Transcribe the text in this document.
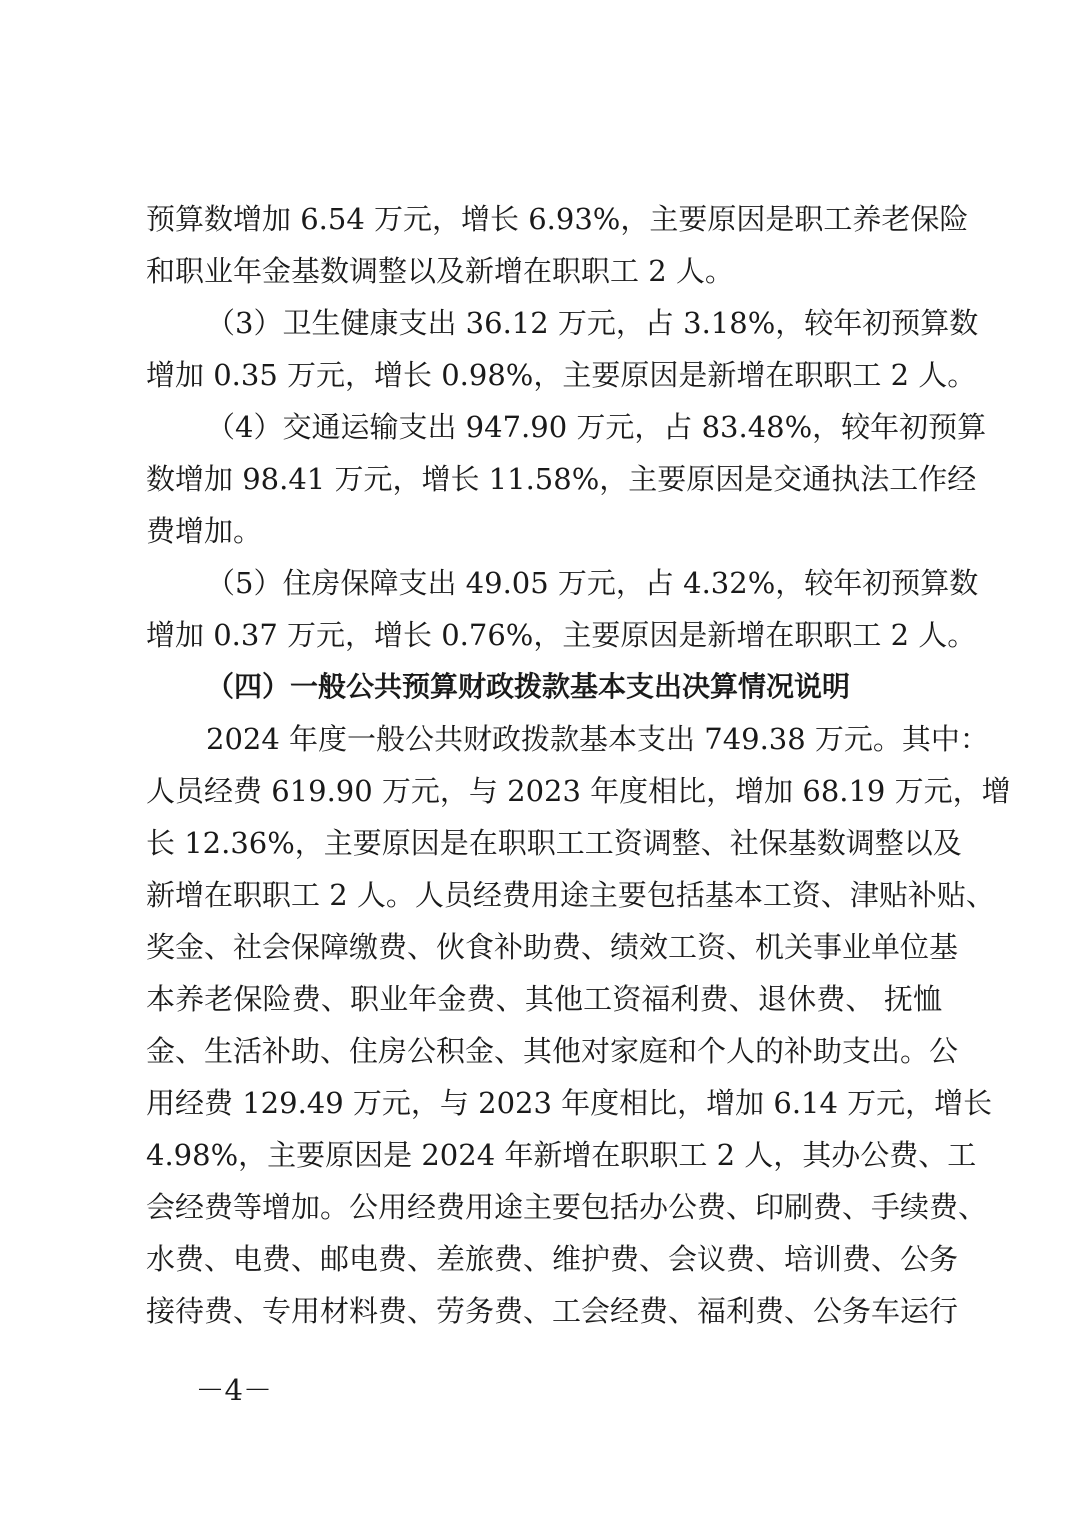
预算数增加 6.54 万元，增长 6.93%，主要原因是职工养老保险
和职业年金基数调整以及新增在职职工 2 人。
（3）卫生健康支出 36.12 万元，占 3.18%，较年初预算数
增加 0.35 万元，增长 0.98%，主要原因是新增在职职工 2 人。
（4）交通运输支出 947.90 万元，占 83.48%，较年初预算
数增加 98.41 万元，增长 11.58%，主要原因是交通执法工作经
费增加。
（5）住房保障支出 49.05 万元，占 4.32%，较年初预算数
增加 0.37 万元，增长 0.76%，主要原因是新增在职职工 2 人。
（四）一般公共预算财政拨款基本支出决算情况说明
2024 年度一般公共财政拨款基本支出 749.38 万元。其中：
人员经费 619.90 万元，与 2023 年度相比，增加 68.19 万元，增
长 12.36%，主要原因是在职职工工资调整、社保基数调整以及
新增在职职工 2 人。人员经费用途主要包括基本工资、津贴补贴、
奖金、社会保障缴费、伙食补助费、绩效工资、机关事业单位基
本养老保险费、职业年金费、其他工资福利费、退休费、 抚恤
金、生活补助、住房公积金、其他对家庭和个人的补助支出。公
用经费 129.49 万元，与 2023 年度相比，增加 6.14 万元，增长
4.98%，主要原因是 2024 年新增在职职工 2 人，其办公费、工
会经费等增加。公用经费用途主要包括办公费、印刷费、手续费、
水费、电费、邮电费、差旅费、维护费、会议费、培训费、公务
接待费、专用材料费、劳务费、工会经费、福利费、公务车运行
－4－
